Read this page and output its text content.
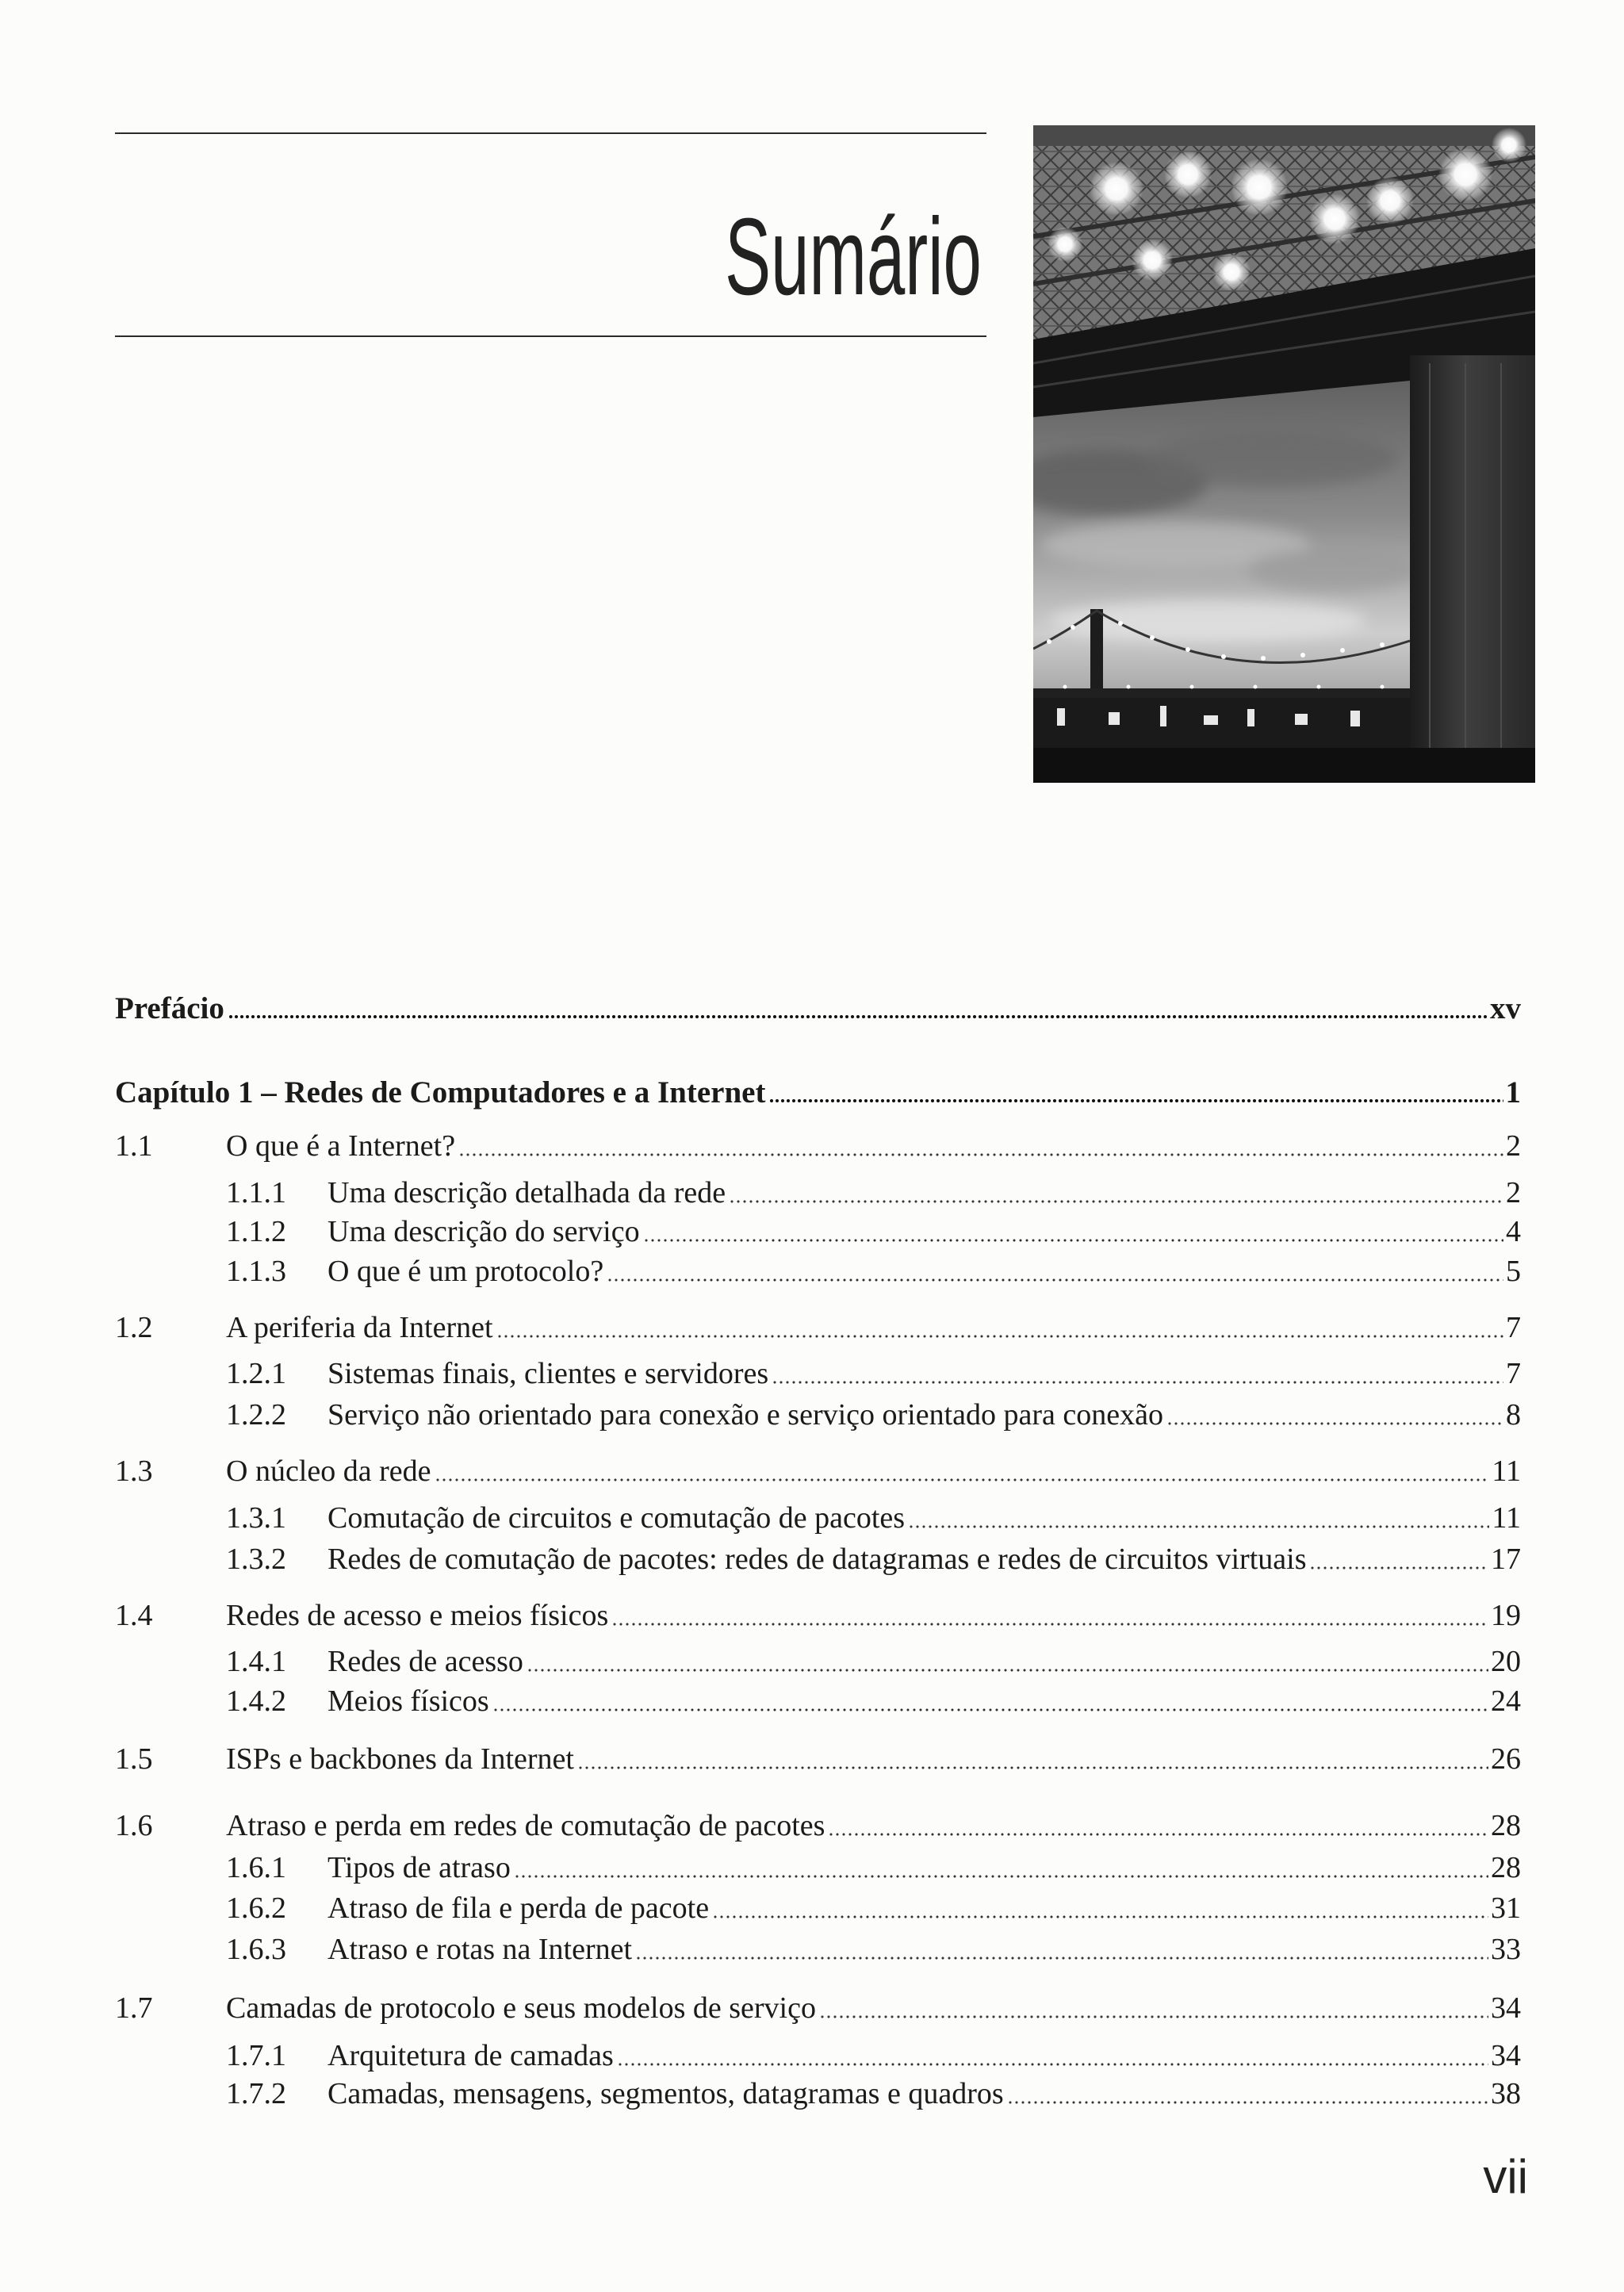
Sumário
Prefácio	xv
Capítulo 1 – Redes de Computadores e a Internet	1
1.1	O que é a Internet?	2
1.1.1	Uma descrição detalhada da rede	2
1.1.2	Uma descrição do serviço	4
1.1.3	O que é um protocolo?	5
1.2	A periferia da Internet	7
1.2.1	Sistemas finais, clientes e servidores	7
1.2.2	Serviço não orientado para conexão e serviço orientado para conexão	8
1.3	O núcleo da rede	11
1.3.1	Comutação de circuitos e comutação de pacotes	11
1.3.2	Redes de comutação de pacotes: redes de datagramas e redes de circuitos virtuais	17
1.4	Redes de acesso e meios físicos	19
1.4.1	Redes de acesso	20
1.4.2	Meios físicos	24
1.5	ISPs e backbones da Internet	26
1.6	Atraso e perda em redes de comutação de pacotes	28
1.6.1	Tipos de atraso	28
1.6.2	Atraso de fila e perda de pacote	31
1.6.3	Atraso e rotas na Internet	33
1.7	Camadas de protocolo e seus modelos de serviço	34
1.7.1	Arquitetura de camadas	34
1.7.2	Camadas, mensagens, segmentos, datagramas e quadros	38
vii
